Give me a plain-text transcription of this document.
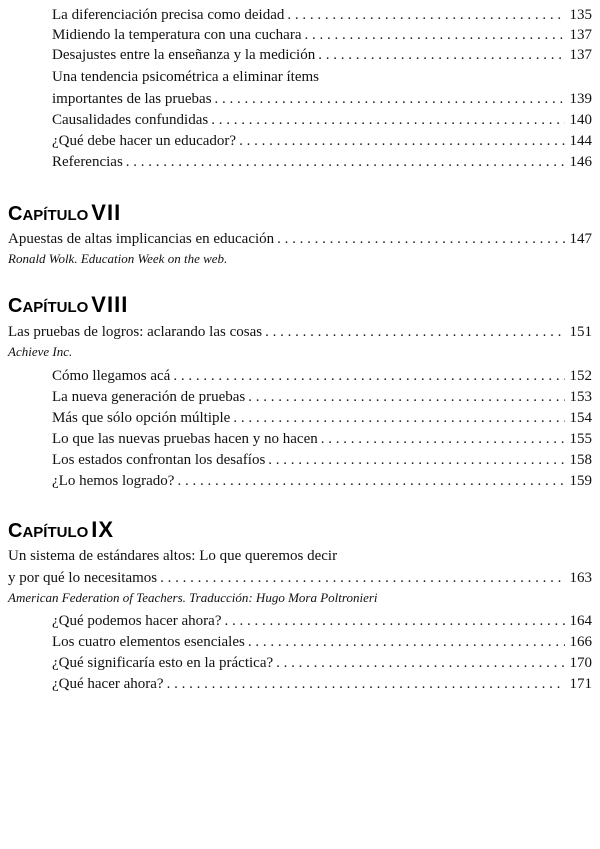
La diferenciación precisa como deidad . . .	135
Midiendo la temperatura con una cuchara . . .	137
Desajustes entre la enseñanza y la medición . . .	137
Una tendencia psicométrica a eliminar ítems
importantes de las pruebas . . .	139
Causalidades confundidas . . .	140
¿Qué debe hacer un educador? . . .	144
Referencias . . .	146
CAPÍTULO VII
Apuestas de altas implicancias en educación . . .	147
Ronald Wolk. Education Week on the web.
CAPÍTULO VIII
Las pruebas de logros: aclarando las cosas . . .	151
Achieve Inc.
Cómo llegamos acá . . .	152
La nueva generación de pruebas . . .	153
Más que sólo opción múltiple . . .	154
Lo que las nuevas pruebas hacen y no hacen . . .	155
Los estados confrontan los desafíos . . .	158
¿Lo hemos logrado? . . .	159
CAPÍTULO IX
Un sistema de estándares altos: Lo que queremos decir
y por qué lo necesitamos . . .	163
American Federation of Teachers. Traducción: Hugo Mora Poltronieri
¿Qué podemos hacer ahora? . . .	164
Los cuatro elementos esenciales . . .	166
¿Qué significaría esto en la práctica? . . .	170
¿Qué hacer ahora? . . .	171
